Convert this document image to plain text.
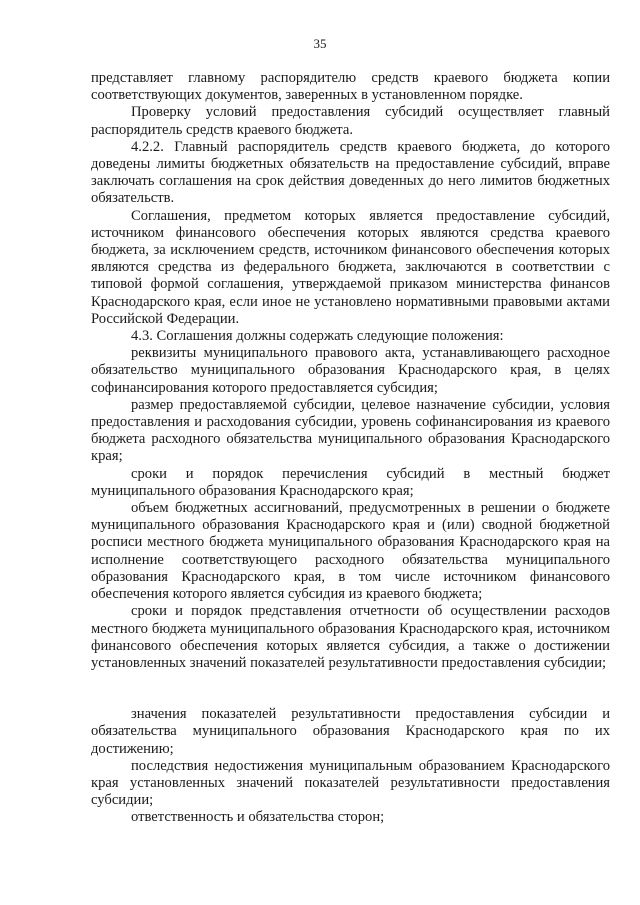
35

представляет главному распорядителю средств краевого бюджета копии соответствующих документов, заверенных в установленном порядке.

Проверку условий предоставления субсидий осуществляет главный распорядитель средств краевого бюджета.

4.2.2. Главный распорядитель средств краевого бюджета, до которого доведены лимиты бюджетных обязательств на предоставление субсидий, вправе заключать соглашения на срок действия доведенных до него лимитов бюджетных обязательств.

Соглашения, предметом которых является предоставление субсидий, источником финансового обеспечения которых являются средства краевого бюджета, за исключением средств, источником финансового обеспечения которых являются средства из федерального бюджета, заключаются в соответствии с типовой формой соглашения, утверждаемой приказом министерства финансов Краснодарского края, если иное не установлено нормативными правовыми актами Российской Федерации.

4.3. Соглашения должны содержать следующие положения:

реквизиты муниципального правового акта, устанавливающего расходное обязательство муниципального образования Краснодарского края, в целях софинансирования которого предоставляется субсидия;

размер предоставляемой субсидии, целевое назначение субсидии, условия предоставления и расходования субсидии, уровень софинансирования из краевого бюджета расходного обязательства муниципального образования Краснодарского края;

сроки и порядок перечисления субсидий в местный бюджет муниципального образования Краснодарского края;

объем бюджетных ассигнований, предусмотренных в решении о бюджете муниципального образования Краснодарского края и (или) сводной бюджетной росписи местного бюджета муниципального образования Краснодарского края на исполнение соответствующего расходного обязательства муниципального образования Краснодарского края, в том числе источником финансового обеспечения которого является субсидия из краевого бюджета;

сроки и порядок представления отчетности об осуществлении расходов местного бюджета муниципального образования Краснодарского края, источником финансового обеспечения которых является субсидия, а также о достижении установленных значений показателей результативности предоставления субсидии;

значения показателей результативности предоставления субсидии и обязательства муниципального образования Краснодарского края по их достижению;

последствия недостижения муниципальным образованием Краснодарского края установленных значений показателей результативности предоставления субсидии;

ответственность и обязательства сторон;
